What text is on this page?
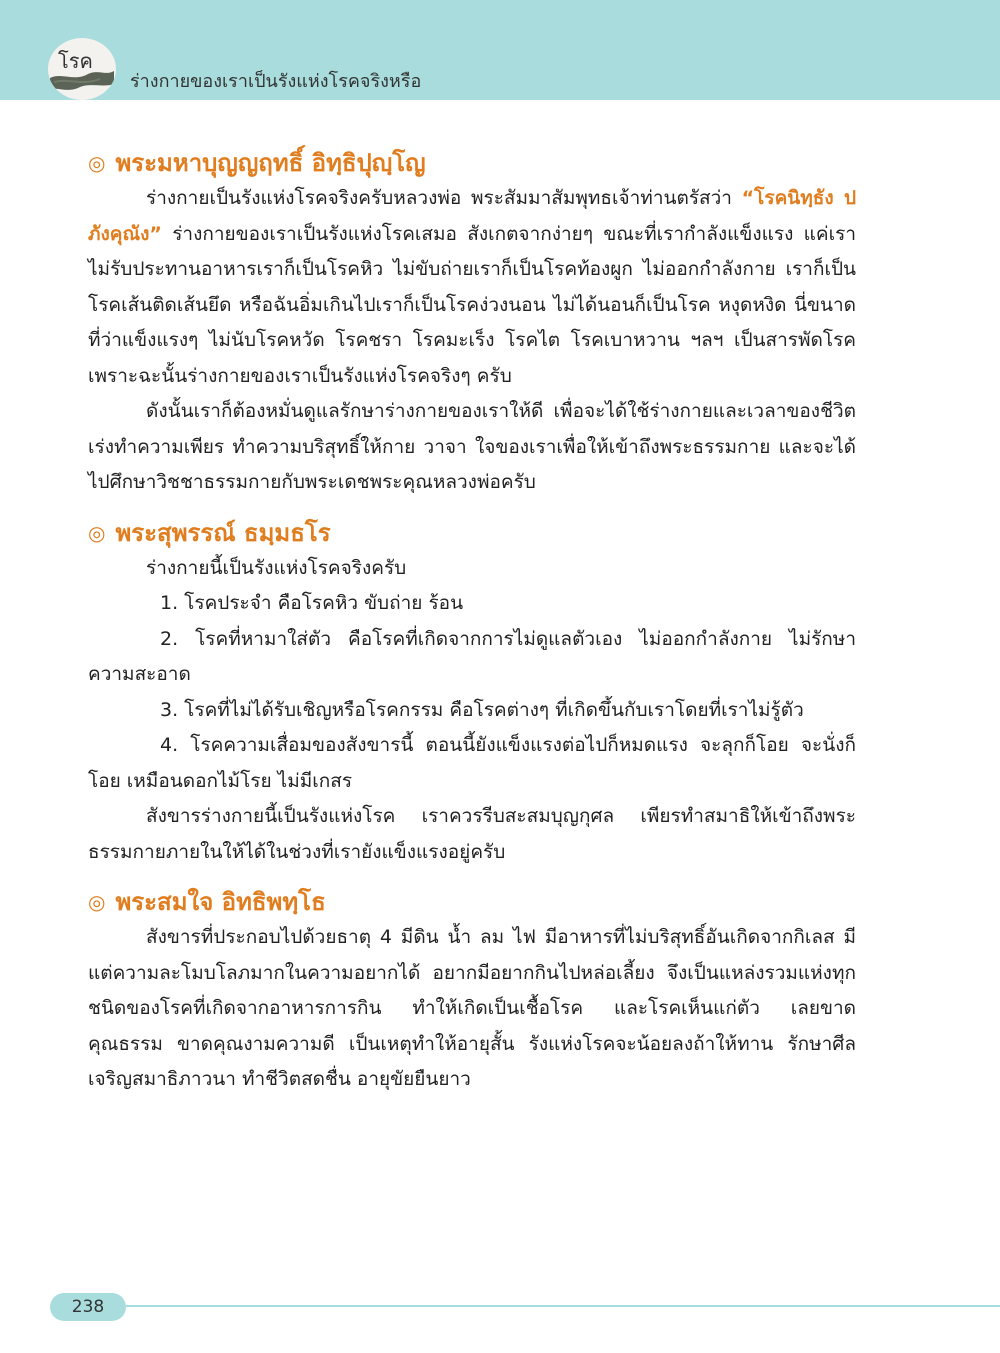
โรค
ร่างกายของเราเป็นรังแห่งโรคจริงหรือ
◎ พระมหาบุญญฤทธิ์ อิทฺธิปุญฺโญ

ร่างกายเป็นรังแห่งโรคจริงครับหลวงพ่อ พระสัมมาสัมพุทธเจ้าท่านตรัสว่า “โรคนิทฺธัง ปภังคุณัง” ร่างกายของเราเป็นรังแห่งโรคเสมอ สังเกตจากง่ายๆ ขณะที่เรากำลังแข็งแรง แค่เราไม่รับประทานอาหารเราก็เป็นโรคหิว ไม่ขับถ่ายเราก็เป็นโรคท้องผูก ไม่ออกกำลังกาย เราก็เป็นโรคเส้นติดเส้นยึด หรือฉันอิ่มเกินไปเราก็เป็นโรคง่วงนอน ไม่ได้นอนก็เป็นโรค หงุดหงิด นี่ขนาดที่ว่าแข็งแรงๆ ไม่นับโรคหวัด โรคชรา โรคมะเร็ง โรคไต โรคเบาหวาน ฯลฯ เป็นสารพัดโรค เพราะฉะนั้นร่างกายของเราเป็นรังแห่งโรคจริงๆ ครับ

ดังนั้นเราก็ต้องหมั่นดูแลรักษาร่างกายของเราให้ดี เพื่อจะได้ใช้ร่างกายและเวลาของชีวิตเร่งทำความเพียร ทำความบริสุทธิ์ให้กาย วาจา ใจของเราเพื่อให้เข้าถึงพระธรรมกาย และจะได้ไปศึกษาวิชชาธรรมกายกับพระเดชพระคุณหลวงพ่อครับ

◎ พระสุพรรณ์ ธมฺมธโร

ร่างกายนี้เป็นรังแห่งโรคจริงครับ

1. โรคประจำ คือโรคหิว ขับถ่าย ร้อน

2. โรคที่หามาใส่ตัว คือโรคที่เกิดจากการไม่ดูแลตัวเอง ไม่ออกกำลังกาย ไม่รักษาความสะอาด

3. โรคที่ไม่ได้รับเชิญหรือโรคกรรม คือโรคต่างๆ ที่เกิดขึ้นกับเราโดยที่เราไม่รู้ตัว

4. โรคความเสื่อมของสังขารนี้ ตอนนี้ยังแข็งแรงต่อไปก็หมดแรง จะลุกก็โอย จะนั่งก็โอย เหมือนดอกไม้โรย ไม่มีเกสร

สังขารร่างกายนี้เป็นรังแห่งโรค เราควรรีบสะสมบุญกุศล เพียรทำสมาธิให้เข้าถึงพระธรรมกายภายในให้ได้ในช่วงที่เรายังแข็งแรงอยู่ครับ

◎ พระสมใจ อิทธิพทฺโธ

สังขารที่ประกอบไปด้วยธาตุ 4 มีดิน น้ำ ลม ไฟ มีอาหารที่ไม่บริสุทธิ์อันเกิดจากกิเลส มีแต่ความละโมบโลภมากในความอยากได้ อยากมีอยากกินไปหล่อเลี้ยง จึงเป็นแหล่งรวมแห่งทุกชนิดของโรคที่เกิดจากอาหารการกิน ทำให้เกิดเป็นเชื้อโรค และโรคเห็นแก่ตัว เลยขาดคุณธรรม ขาดคุณงามความดี เป็นเหตุทำให้อายุสั้น รังแห่งโรคจะน้อยลงถ้าให้ทาน รักษาศีล เจริญสมาธิภาวนา ทำชีวิตสดชื่น อายุขัยยืนยาว

238
